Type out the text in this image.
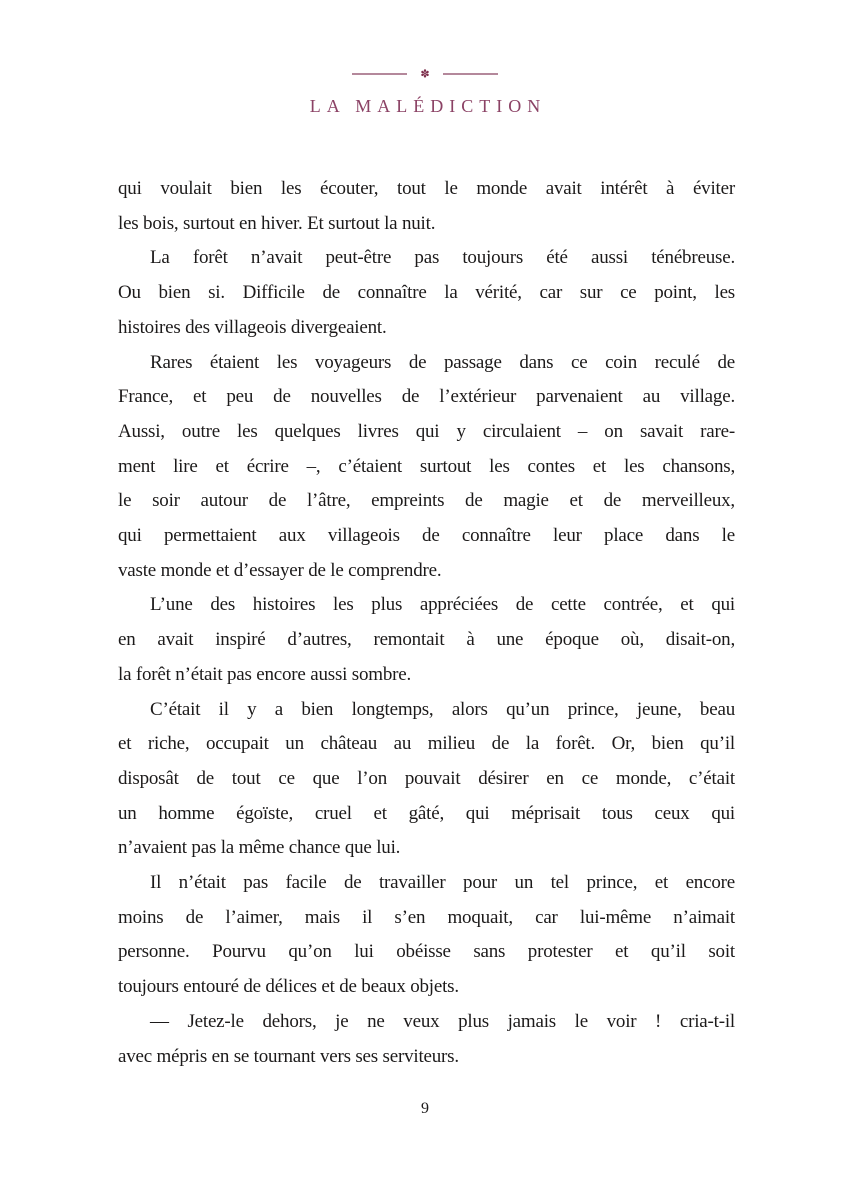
✽
LA MALÉDICTION

qui voulait bien les écouter, tout le monde avait intérêt à éviter
les bois, surtout en hiver. Et surtout la nuit.

La forêt n’avait peut-être pas toujours été aussi ténébreuse.
Ou bien si. Difficile de connaître la vérité, car sur ce point, les
histoires des villageois divergeaient.

Rares étaient les voyageurs de passage dans ce coin reculé de
France, et peu de nouvelles de l’extérieur parvenaient au village.
Aussi, outre les quelques livres qui y circulaient – on savait rare-
ment lire et écrire –, c’étaient surtout les contes et les chansons,
le soir autour de l’âtre, empreints de magie et de merveilleux,
qui permettaient aux villageois de connaître leur place dans le
vaste monde et d’essayer de le comprendre.

L’une des histoires les plus appréciées de cette contrée, et qui
en avait inspiré d’autres, remontait à une époque où, disait-on,
la forêt n’était pas encore aussi sombre.

C’était il y a bien longtemps, alors qu’un prince, jeune, beau
et riche, occupait un château au milieu de la forêt. Or, bien qu’il
disposât de tout ce que l’on pouvait désirer en ce monde, c’était
un homme égoïste, cruel et gâté, qui méprisait tous ceux qui
n’avaient pas la même chance que lui.

Il n’était pas facile de travailler pour un tel prince, et encore
moins de l’aimer, mais il s’en moquait, car lui-même n’aimait
personne. Pourvu qu’on lui obéisse sans protester et qu’il soit
toujours entouré de délices et de beaux objets.

— Jetez-le dehors, je ne veux plus jamais le voir ! cria-t-il
avec mépris en se tournant vers ses serviteurs.

9
